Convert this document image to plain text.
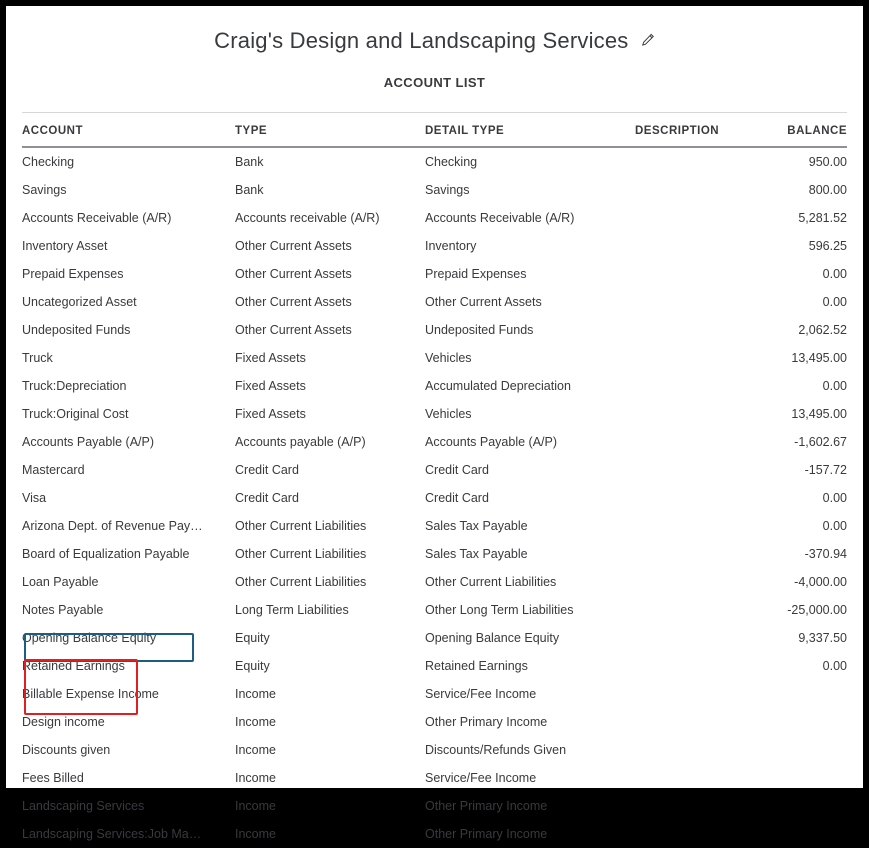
Craig's Design and Landscaping Services
ACCOUNT LIST
ACCOUNT	TYPE	DETAIL TYPE	DESCRIPTION	BALANCE
Checking	Bank	Checking		950.00
Savings	Bank	Savings		800.00
Accounts Receivable (A/R)	Accounts receivable (A/R)	Accounts Receivable (A/R)		5,281.52
Inventory Asset	Other Current Assets	Inventory		596.25
Prepaid Expenses	Other Current Assets	Prepaid Expenses		0.00
Uncategorized Asset	Other Current Assets	Other Current Assets		0.00
Undeposited Funds	Other Current Assets	Undeposited Funds		2,062.52
Truck	Fixed Assets	Vehicles		13,495.00
Truck:Depreciation	Fixed Assets	Accumulated Depreciation		0.00
Truck:Original Cost	Fixed Assets	Vehicles		13,495.00
Accounts Payable (A/P)	Accounts payable (A/P)	Accounts Payable (A/P)		-1,602.67
Mastercard	Credit Card	Credit Card		-157.72
Visa	Credit Card	Credit Card		0.00
Arizona Dept. of Revenue Pay…	Other Current Liabilities	Sales Tax Payable		0.00
Board of Equalization Payable	Other Current Liabilities	Sales Tax Payable		-370.94
Loan Payable	Other Current Liabilities	Other Current Liabilities		-4,000.00
Notes Payable	Long Term Liabilities	Other Long Term Liabilities		-25,000.00
Opening Balance Equity	Equity	Opening Balance Equity		9,337.50
Retained Earnings	Equity	Retained Earnings		0.00
Billable Expense Income	Income	Service/Fee Income		
Design income	Income	Other Primary Income		
Discounts given	Income	Discounts/Refunds Given		
Fees Billed	Income	Service/Fee Income		
Landscaping Services	Income	Other Primary Income		
Landscaping Services:Job Ma…	Income	Other Primary Income		
